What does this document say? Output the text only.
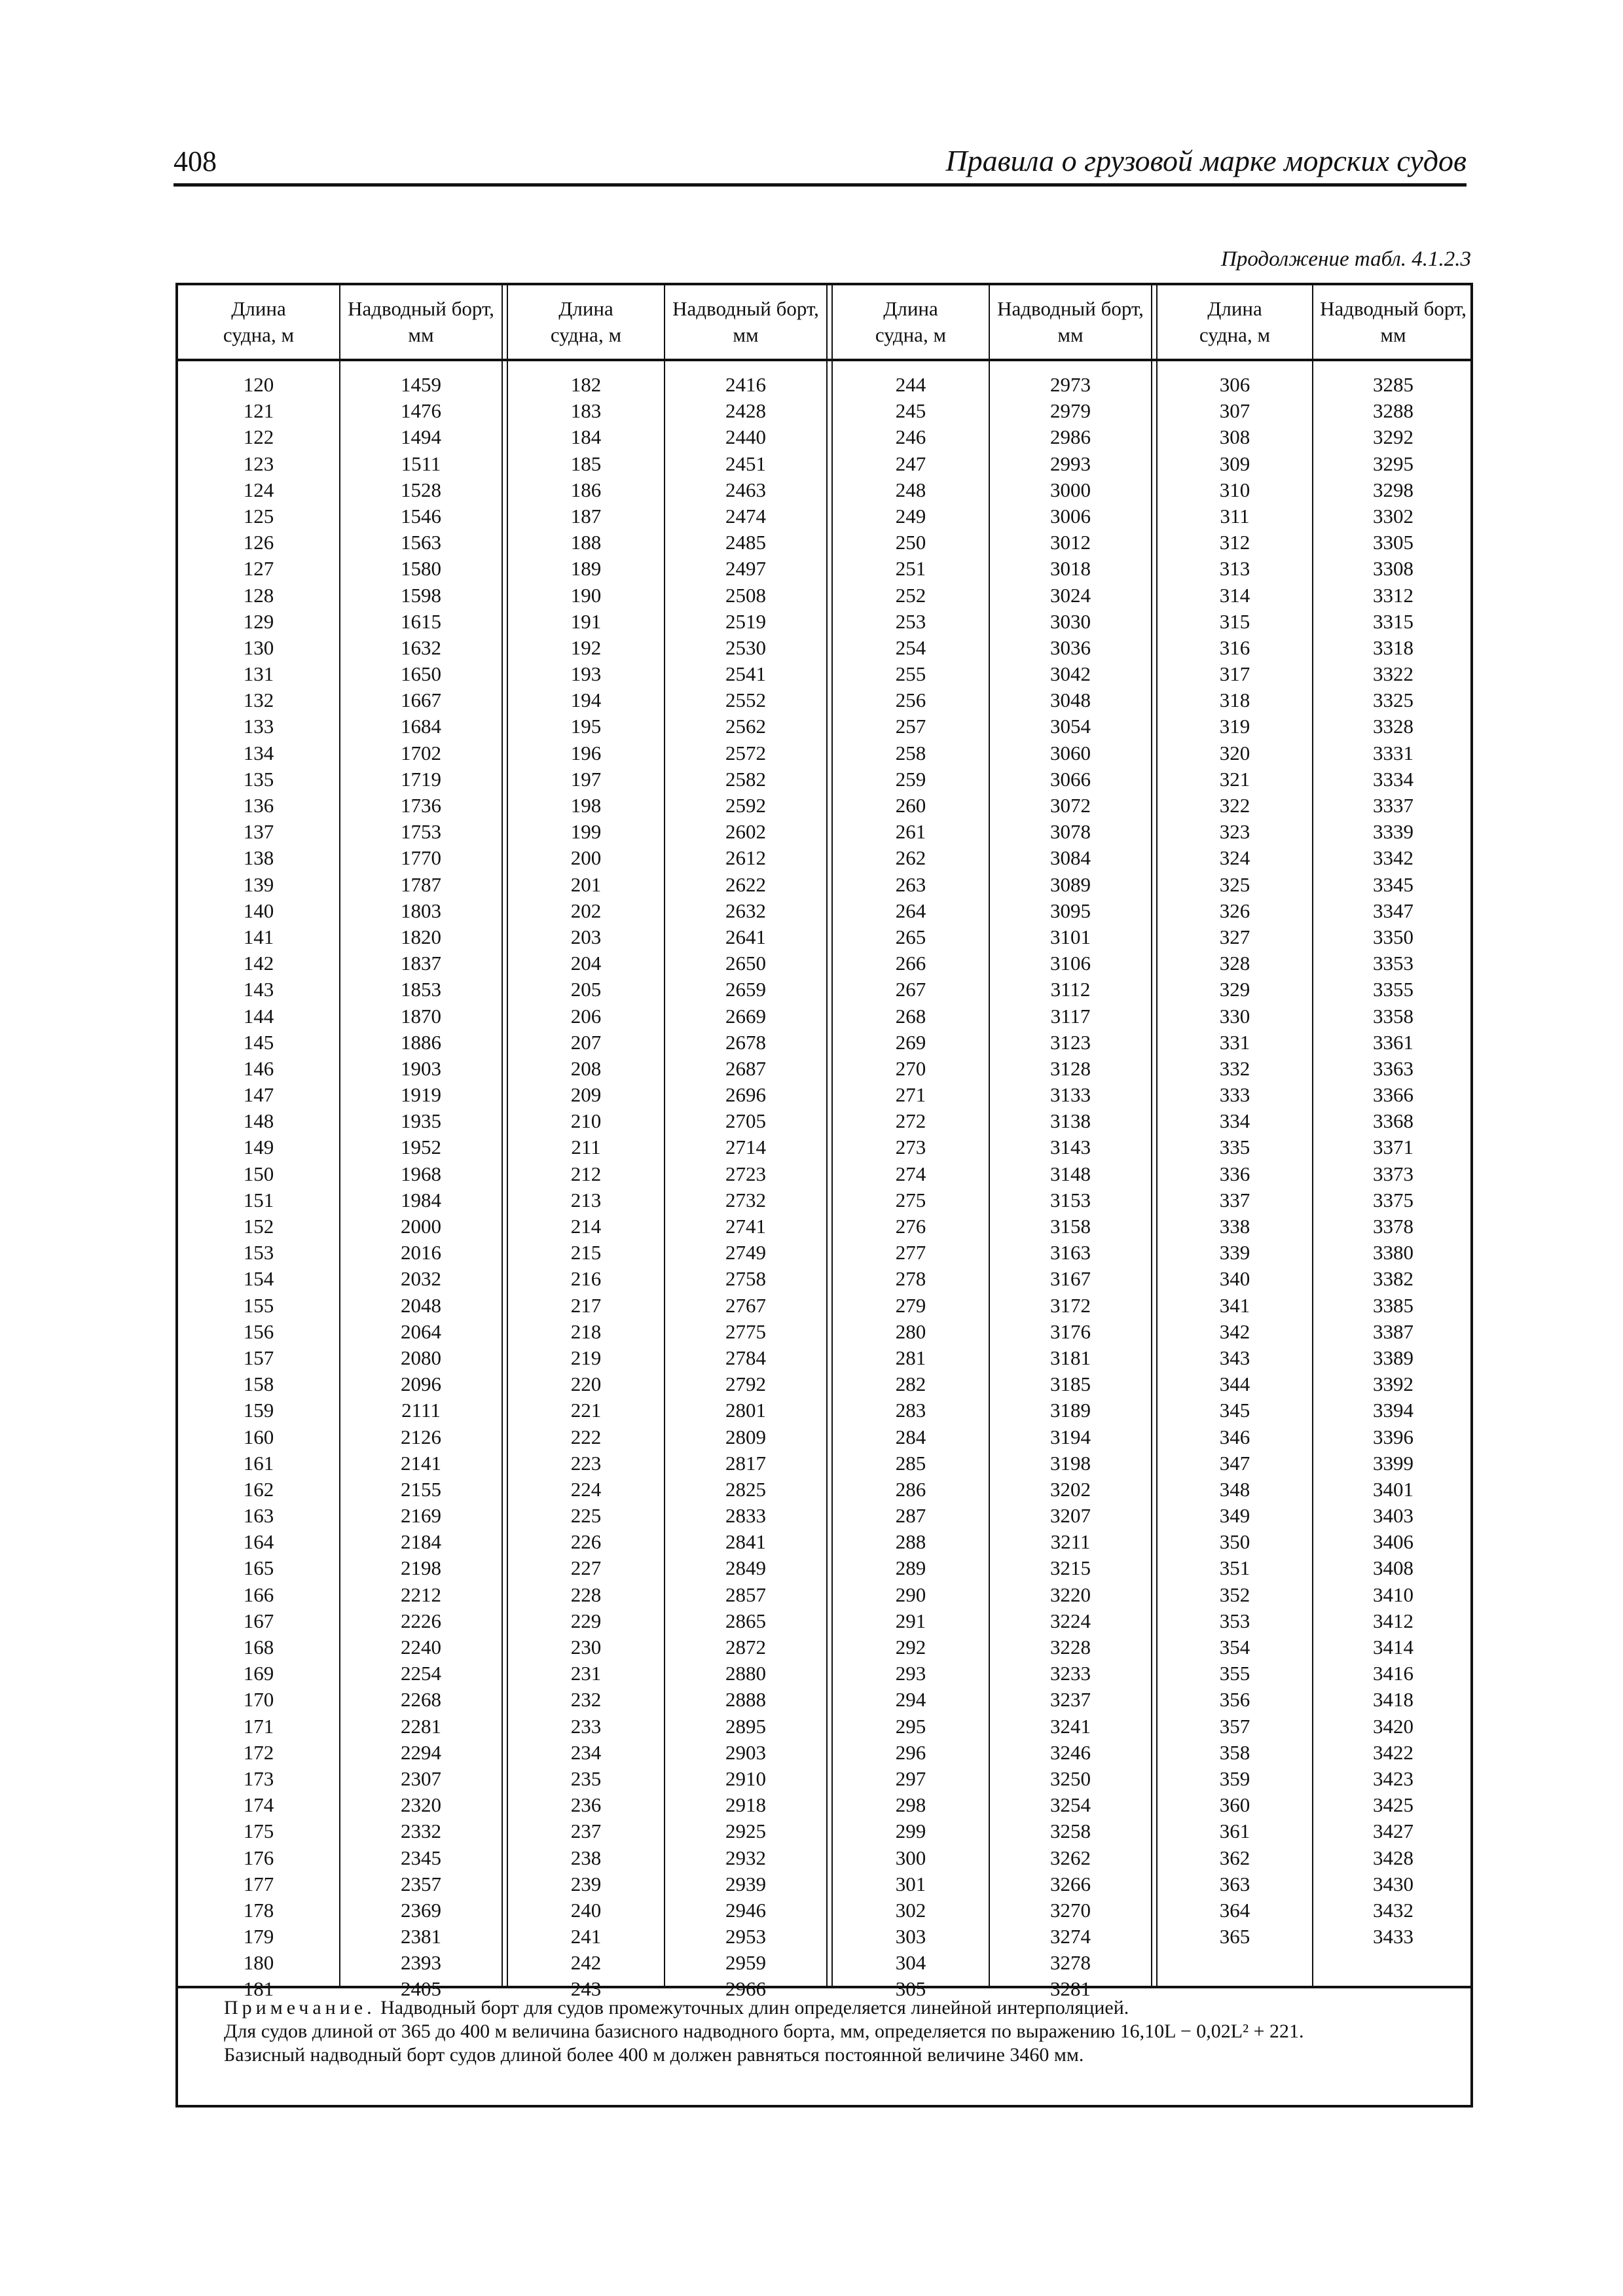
408	Правила о грузовой марке морских судов
Продолжение табл. 4.1.2.3
Длина
судна, м
Надводный борт,
мм
Длина
судна, м
Надводный борт,
мм
Длина
судна, м
Надводный борт,
мм
Длина
судна, м
Надводный борт,
мм
120
121
122
123
124
125
126
127
128
129
130
131
132
133
134
135
136
137
138
139
140
141
142
143
144
145
146
147
148
149
150
151
152
153
154
155
156
157
158
159
160
161
162
163
164
165
166
167
168
169
170
171
172
173
174
175
176
177
178
179
180
181
1459
1476
1494
1511
1528
1546
1563
1580
1598
1615
1632
1650
1667
1684
1702
1719
1736
1753
1770
1787
1803
1820
1837
1853
1870
1886
1903
1919
1935
1952
1968
1984
2000
2016
2032
2048
2064
2080
2096
2111
2126
2141
2155
2169
2184
2198
2212
2226
2240
2254
2268
2281
2294
2307
2320
2332
2345
2357
2369
2381
2393
2405
182
183
184
185
186
187
188
189
190
191
192
193
194
195
196
197
198
199
200
201
202
203
204
205
206
207
208
209
210
211
212
213
214
215
216
217
218
219
220
221
222
223
224
225
226
227
228
229
230
231
232
233
234
235
236
237
238
239
240
241
242
243
2416
2428
2440
2451
2463
2474
2485
2497
2508
2519
2530
2541
2552
2562
2572
2582
2592
2602
2612
2622
2632
2641
2650
2659
2669
2678
2687
2696
2705
2714
2723
2732
2741
2749
2758
2767
2775
2784
2792
2801
2809
2817
2825
2833
2841
2849
2857
2865
2872
2880
2888
2895
2903
2910
2918
2925
2932
2939
2946
2953
2959
2966
244
245
246
247
248
249
250
251
252
253
254
255
256
257
258
259
260
261
262
263
264
265
266
267
268
269
270
271
272
273
274
275
276
277
278
279
280
281
282
283
284
285
286
287
288
289
290
291
292
293
294
295
296
297
298
299
300
301
302
303
304
305
2973
2979
2986
2993
3000
3006
3012
3018
3024
3030
3036
3042
3048
3054
3060
3066
3072
3078
3084
3089
3095
3101
3106
3112
3117
3123
3128
3133
3138
3143
3148
3153
3158
3163
3167
3172
3176
3181
3185
3189
3194
3198
3202
3207
3211
3215
3220
3224
3228
3233
3237
3241
3246
3250
3254
3258
3262
3266
3270
3274
3278
3281
306
307
308
309
310
311
312
313
314
315
316
317
318
319
320
321
322
323
324
325
326
327
328
329
330
331
332
333
334
335
336
337
338
339
340
341
342
343
344
345
346
347
348
349
350
351
352
353
354
355
356
357
358
359
360
361
362
363
364
365
3285
3288
3292
3295
3298
3302
3305
3308
3312
3315
3318
3322
3325
3328
3331
3334
3337
3339
3342
3345
3347
3350
3353
3355
3358
3361
3363
3366
3368
3371
3373
3375
3378
3380
3382
3385
3387
3389
3392
3394
3396
3399
3401
3403
3406
3408
3410
3412
3414
3416
3418
3420
3422
3423
3425
3427
3428
3430
3432
3433
Примечание. Надводный борт для судов промежуточных длин определяется линейной интерполяцией.
Для судов длиной от 365 до 400 м величина базисного надводного борта, мм, определяется по выражению 16,10L − 0,02L² + 221.
Базисный надводный борт судов длиной более 400 м должен равняться постоянной величине 3460 мм.
